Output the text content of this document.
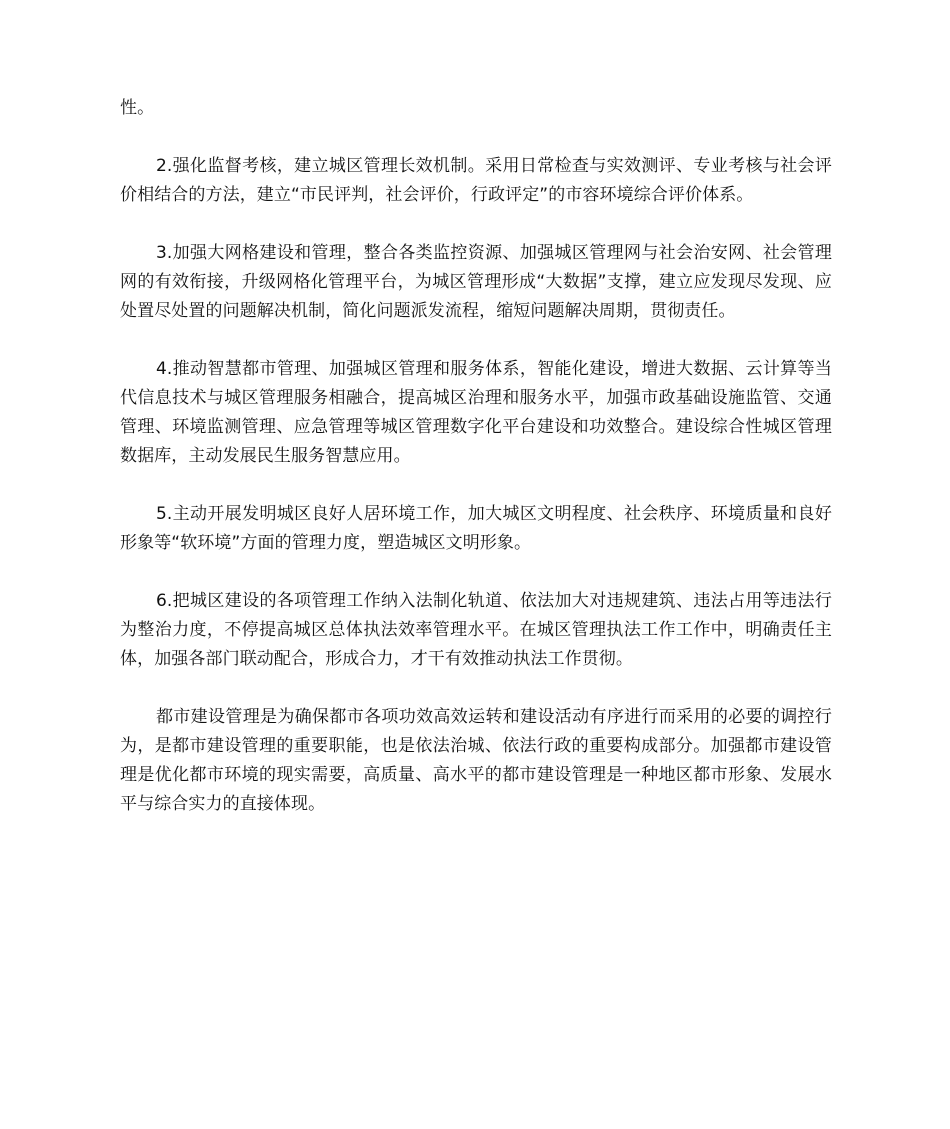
性。

2.强化监督考核，建立城区管理长效机制。采用日常检查与实效测评、专业考核与社会评价相结合的方法，建立“市民评判，社会评价，行政评定”的市容环境综合评价体系。

3.加强大网格建设和管理，整合各类监控资源、加强城区管理网与社会治安网、社会管理网的有效衔接，升级网格化管理平台，为城区管理形成“大数据”支撑，建立应发现尽发现、应处置尽处置的问题解决机制，简化问题派发流程，缩短问题解决周期，贯彻责任。

4.推动智慧都市管理、加强城区管理和服务体系，智能化建设，增进大数据、云计算等当代信息技术与城区管理服务相融合，提高城区治理和服务水平，加强市政基础设施监管、交通管理、环境监测管理、应急管理等城区管理数字化平台建设和功效整合。建设综合性城区管理数据库，主动发展民生服务智慧应用。

5.主动开展发明城区良好人居环境工作，加大城区文明程度、社会秩序、环境质量和良好形象等“软环境”方面的管理力度，塑造城区文明形象。

6.把城区建设的各项管理工作纳入法制化轨道、依法加大对违规建筑、违法占用等违法行为整治力度，不停提高城区总体执法效率管理水平。在城区管理执法工作工作中，明确责任主体，加强各部门联动配合，形成合力，才干有效推动执法工作贯彻。

都市建设管理是为确保都市各项功效高效运转和建设活动有序进行而采用的必要的调控行为，是都市建设管理的重要职能，也是依法治城、依法行政的重要构成部分。加强都市建设管理是优化都市环境的现实需要，高质量、高水平的都市建设管理是一种地区都市形象、发展水平与综合实力的直接体现。
